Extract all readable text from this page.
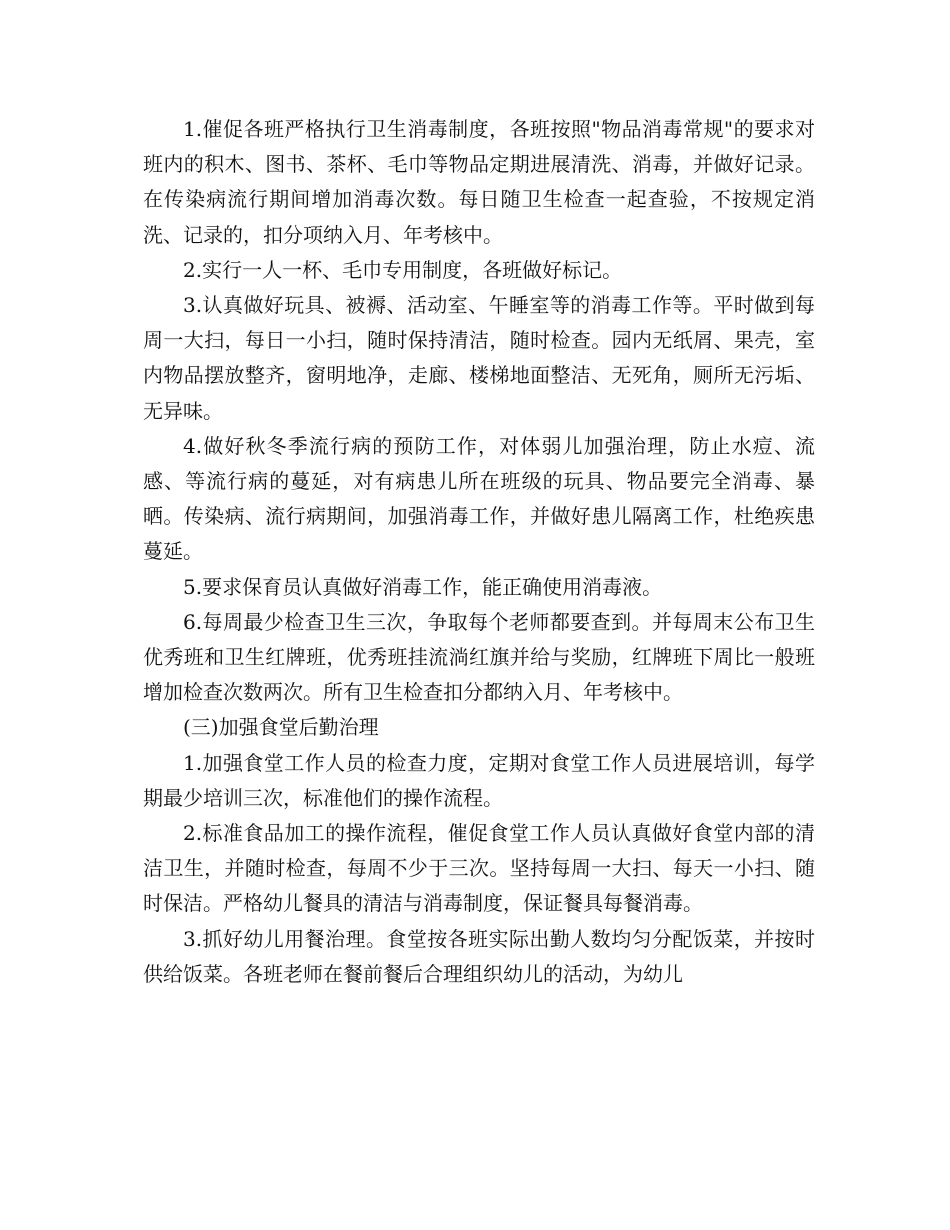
1.催促各班严格执行卫生消毒制度，各班按照"物品消毒常规"的要求对班内的积木、图书、茶杯、毛巾等物品定期进展清洗、消毒，并做好记录。在传染病流行期间增加消毒次数。每日随卫生检查一起查验，不按规定消洗、记录的，扣分项纳入月、年考核中。

2.实行一人一杯、毛巾专用制度，各班做好标记。

3.认真做好玩具、被褥、活动室、午睡室等的消毒工作等。平时做到每周一大扫，每日一小扫，随时保持清洁，随时检查。园内无纸屑、果壳，室内物品摆放整齐，窗明地净，走廊、楼梯地面整洁、无死角，厕所无污垢、无异味。

4.做好秋冬季流行病的预防工作，对体弱儿加强治理，防止水痘、流感、等流行病的蔓延，对有病患儿所在班级的玩具、物品要完全消毒、暴晒。传染病、流行病期间，加强消毒工作，并做好患儿隔离工作，杜绝疾患蔓延。

5.要求保育员认真做好消毒工作，能正确使用消毒液。

6.每周最少检查卫生三次，争取每个老师都要查到。并每周末公布卫生优秀班和卫生红牌班，优秀班挂流淌红旗并给与奖励，红牌班下周比一般班增加检查次数两次。所有卫生检查扣分都纳入月、年考核中。

(三)加强食堂后勤治理

1.加强食堂工作人员的检查力度，定期对食堂工作人员进展培训，每学期最少培训三次，标准他们的操作流程。

2.标准食品加工的操作流程，催促食堂工作人员认真做好食堂内部的清洁卫生，并随时检查，每周不少于三次。坚持每周一大扫、每天一小扫、随时保洁。严格幼儿餐具的清洁与消毒制度，保证餐具每餐消毒。

3.抓好幼儿用餐治理。食堂按各班实际出勤人数均匀分配饭菜，并按时供给饭菜。各班老师在餐前餐后合理组织幼儿的活动，为幼儿
